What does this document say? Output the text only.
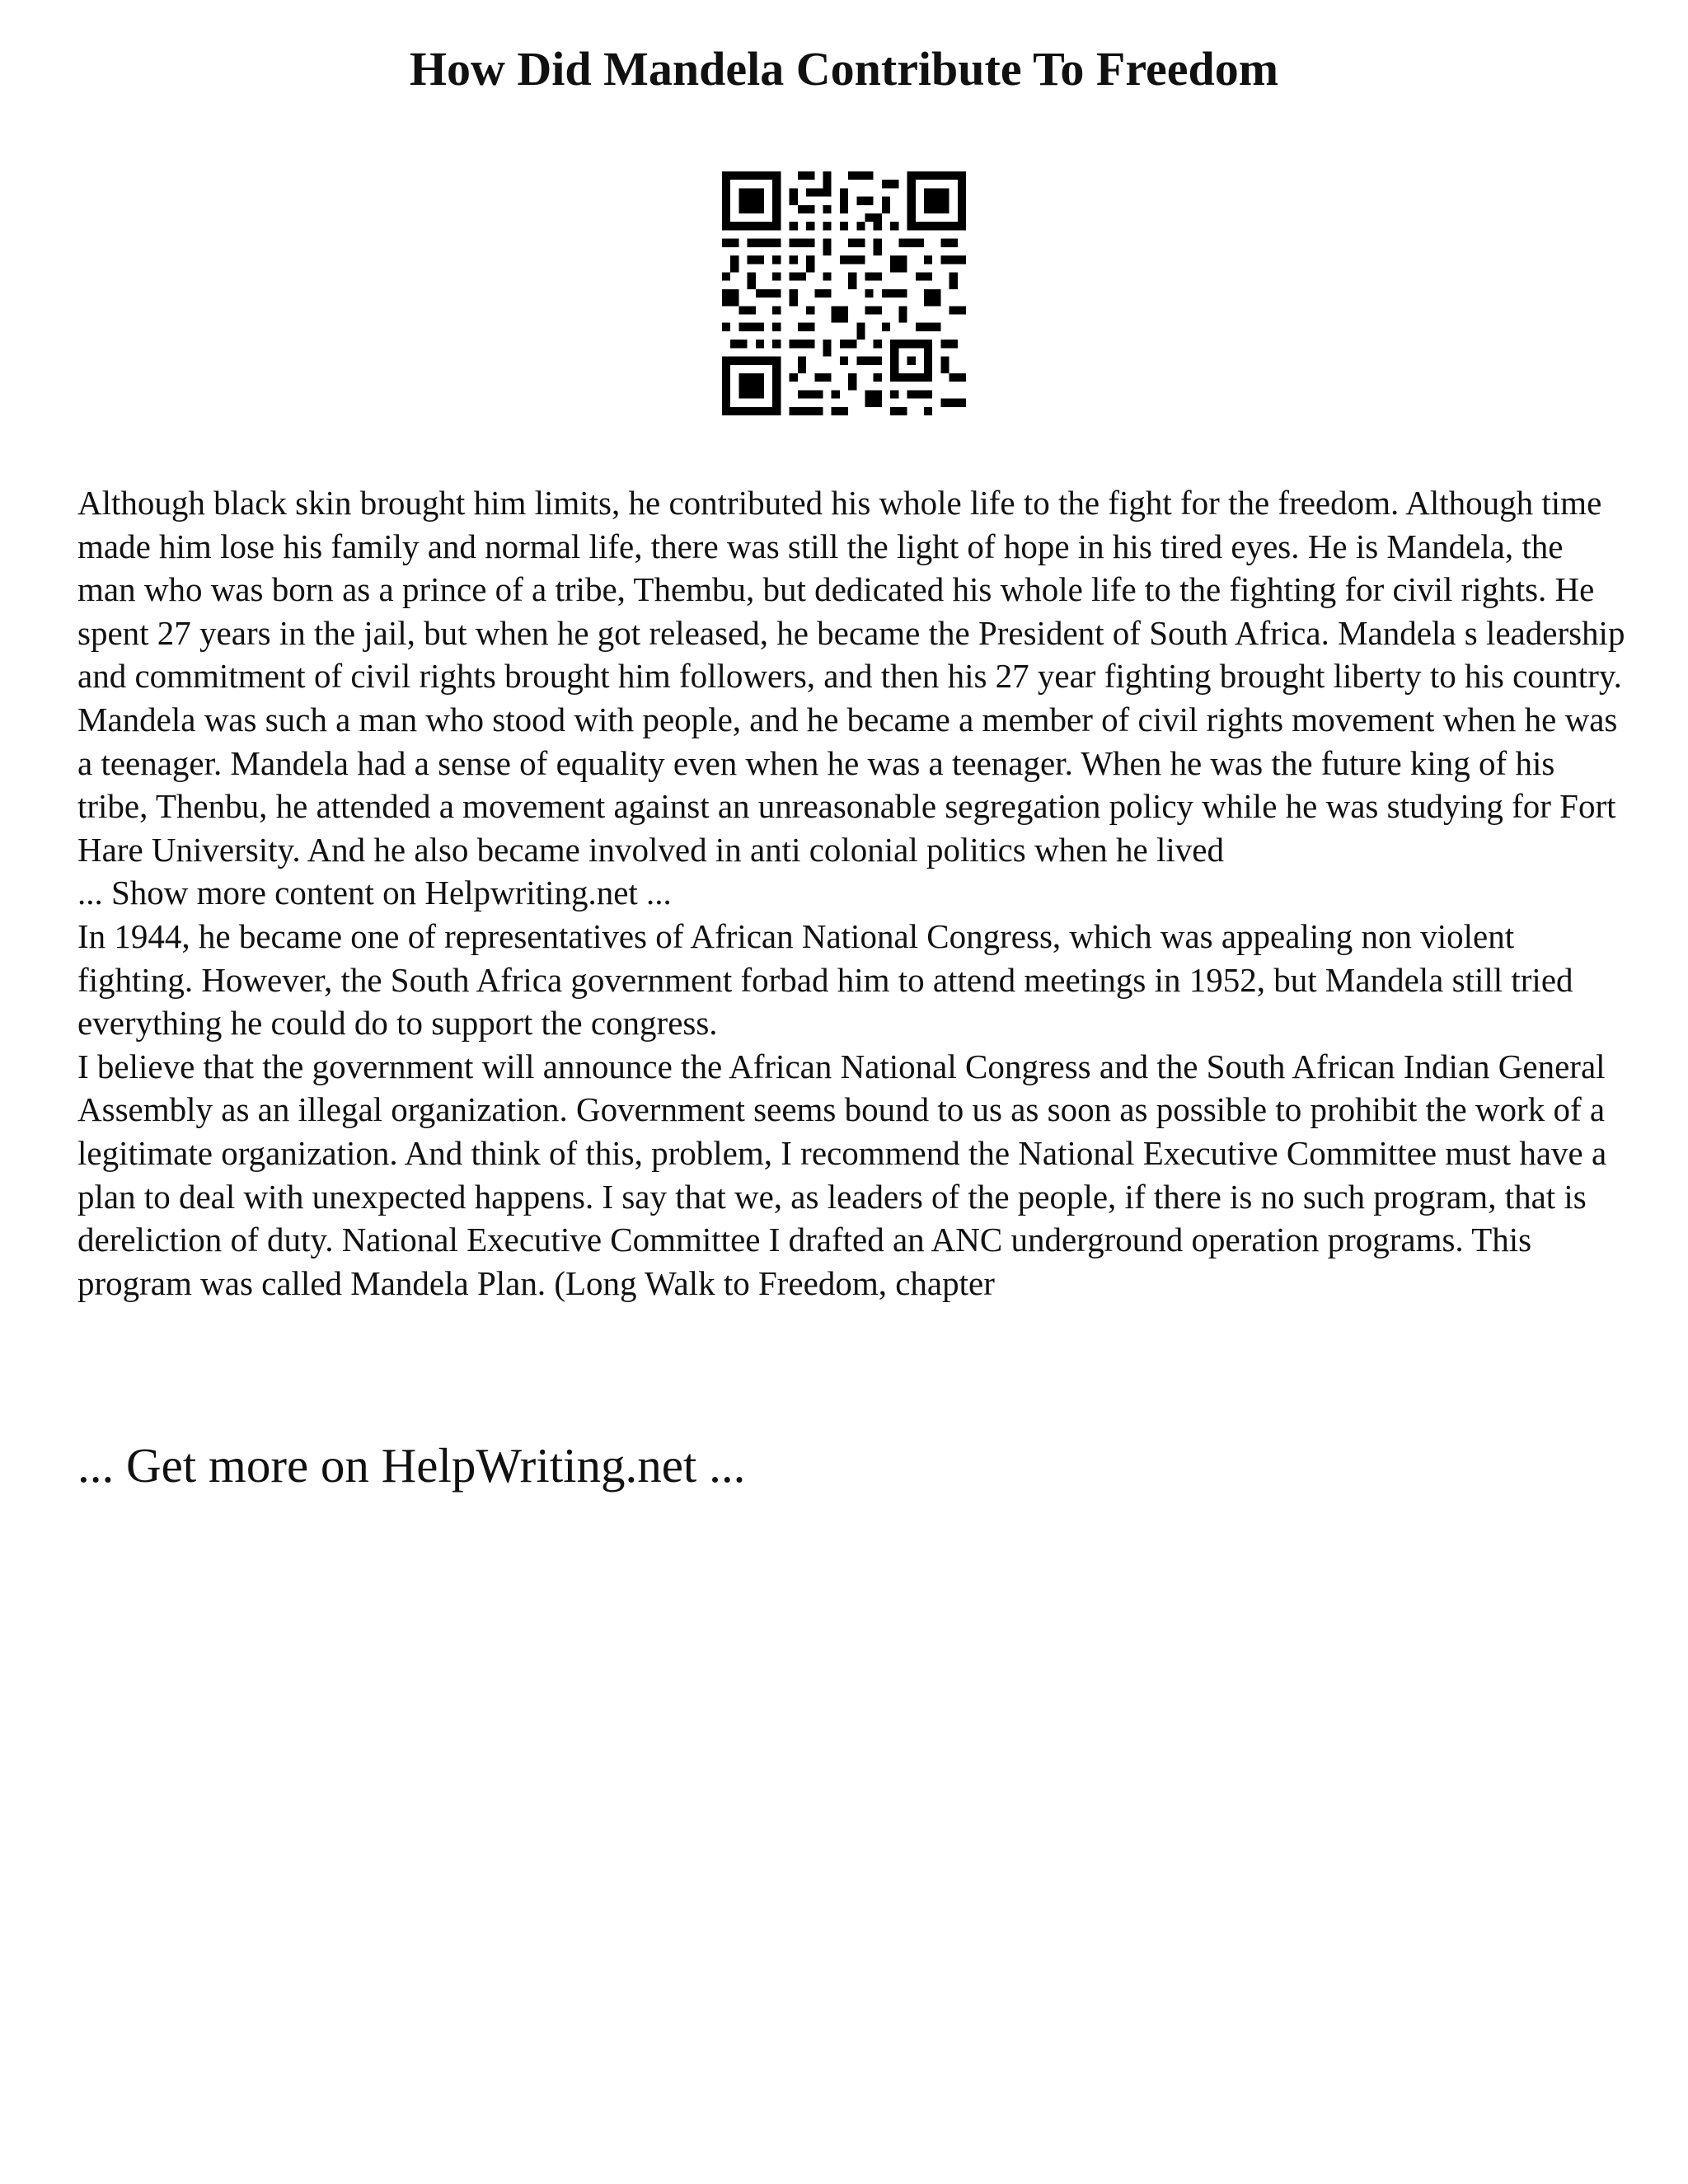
How Did Mandela Contribute To Freedom

Although black skin brought him limits, he contributed his whole life to the fight for the freedom. Although time made him lose his family and normal life, there was still the light of hope in his tired eyes. He is Mandela, the man who was born as a prince of a tribe, Thembu, but dedicated his whole life to the fighting for civil rights. He spent 27 years in the jail, but when he got released, he became the President of South Africa. Mandela s leadership and commitment of civil rights brought him followers, and then his 27 year fighting brought liberty to his country. Mandela was such a man who stood with people, and he became a member of civil rights movement when he was a teenager. Mandela had a sense of equality even when he was a teenager. When he was the future king of his tribe, Thenbu, he attended a movement against an unreasonable segregation policy while he was studying for Fort Hare University. And he also became involved in anti colonial politics when he lived

... Show more content on Helpwriting.net ...

In 1944, he became one of representatives of African National Congress, which was appealing non violent fighting. However, the South Africa government forbad him to attend meetings in 1952, but Mandela still tried everything he could do to support the congress.

I believe that the government will announce the African National Congress and the South African Indian General Assembly as an illegal organization. Government seems bound to us as soon as possible to prohibit the work of a legitimate organization. And think of this, problem, I recommend the National Executive Committee must have a plan to deal with unexpected happens. I say that we, as leaders of the people, if there is no such program, that is dereliction of duty. National Executive Committee I drafted an ANC underground operation programs. This program was called Mandela Plan. (Long Walk to Freedom, chapter

... Get more on HelpWriting.net ...
